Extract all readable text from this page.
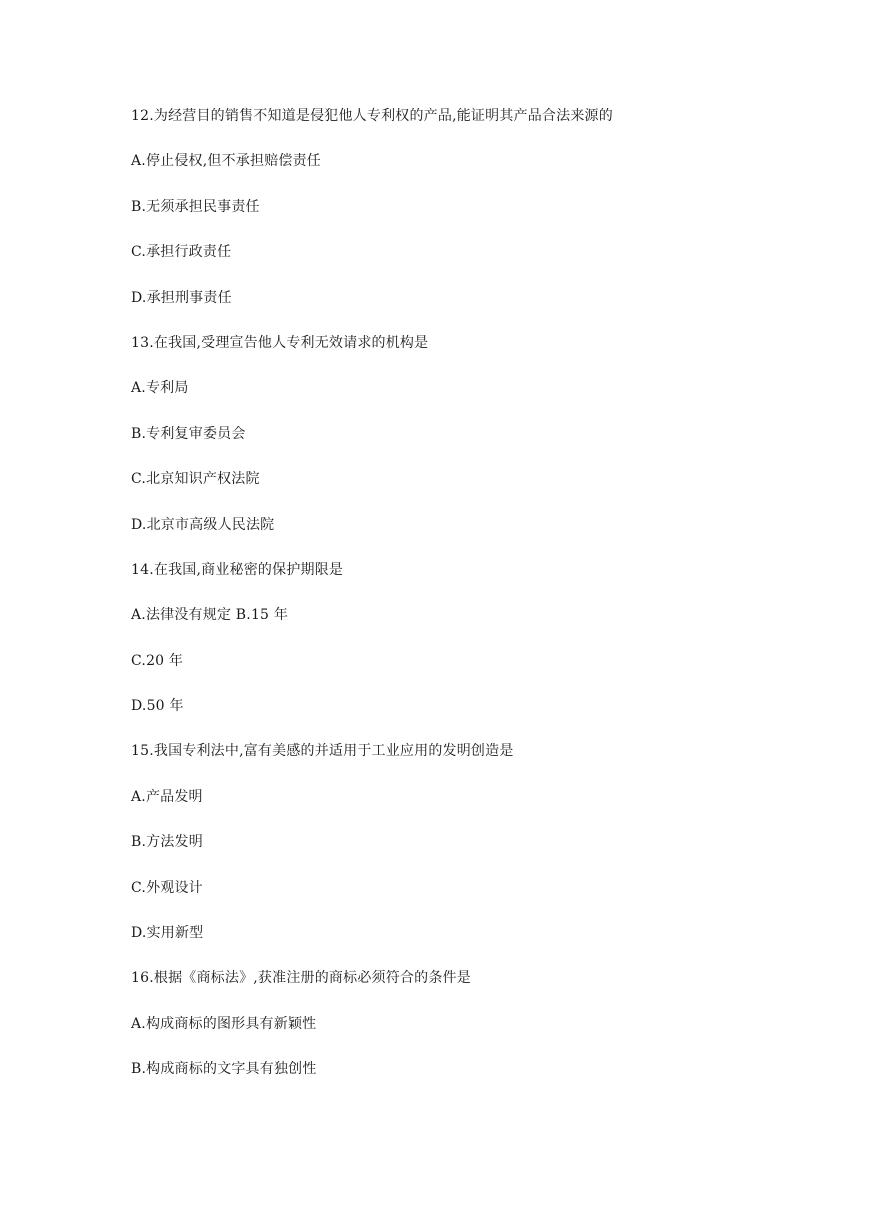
12.为经营目的销售不知道是侵犯他人专利权的产品,能证明其产品合法来源的
A.停止侵权,但不承担赔偿责任
B.无须承担民事责任
C.承担行政责任
D.承担刑事责任
13.在我国,受理宣告他人专利无效请求的机构是
A.专利局
B.专利复审委员会
C.北京知识产权法院
D.北京市高级人民法院
14.在我国,商业秘密的保护期限是
A.法律没有规定 B.15 年
C.20 年
D.50 年
15.我国专利法中,富有美感的并适用于工业应用的发明创造是
A.产品发明
B.方法发明
C.外观设计
D.实用新型
16.根据《商标法》,获准注册的商标必须符合的条件是
A.构成商标的图形具有新颖性
B.构成商标的文字具有独创性
